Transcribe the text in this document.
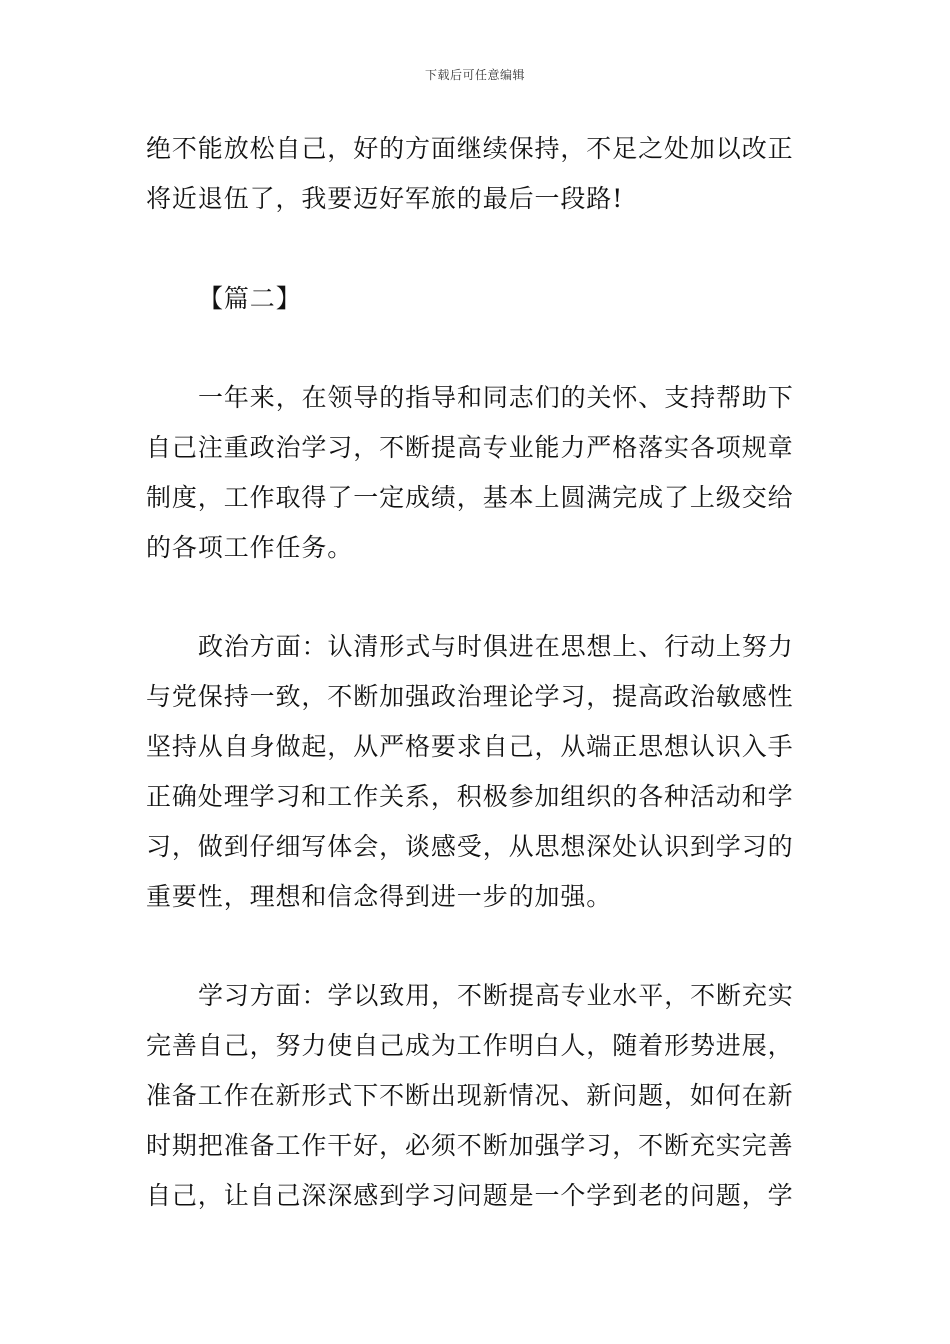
下载后可任意编辑
绝不能放松自己，好的方面继续保持，不足之处加以改正
将近退伍了，我要迈好军旅的最后一段路!
【篇二】
一年来，在领导的指导和同志们的关怀、支持帮助下
自己注重政治学习，不断提高专业能力严格落实各项规章
制度，工作取得了一定成绩，基本上圆满完成了上级交给
的各项工作任务。
政治方面：认清形式与时俱进在思想上、行动上努力
与党保持一致，不断加强政治理论学习，提高政治敏感性
坚持从自身做起，从严格要求自己，从端正思想认识入手
正确处理学习和工作关系，积极参加组织的各种活动和学
习，做到仔细写体会，谈感受，从思想深处认识到学习的
重要性，理想和信念得到进一步的加强。
学习方面：学以致用，不断提高专业水平，不断充实
完善自己，努力使自己成为工作明白人，随着形势进展，
准备工作在新形式下不断出现新情况、新问题，如何在新
时期把准备工作干好，必须不断加强学习，不断充实完善
自己，让自己深深感到学习问题是一个学到老的问题，学
